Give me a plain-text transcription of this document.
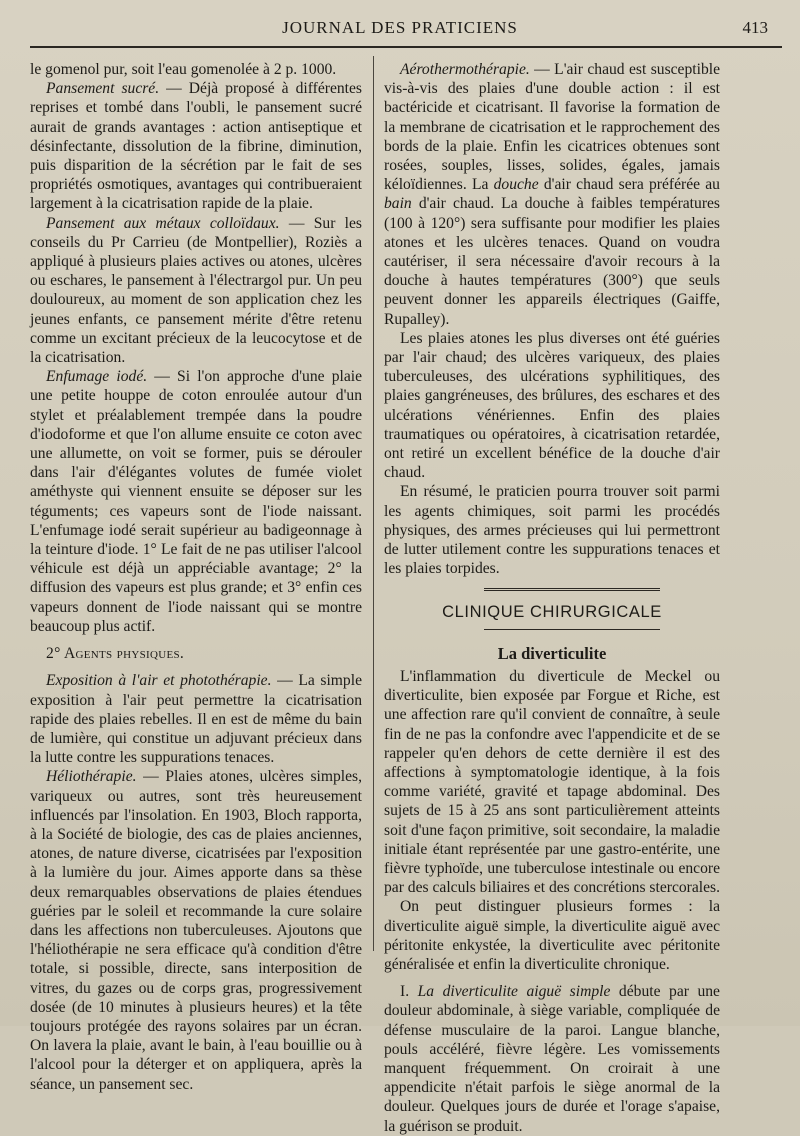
JOURNAL DES PRATICIENS	413

le gomenol pur, soit l'eau gomenolée à 2 p. 1000.

Pansement sucré. — Déjà proposé à différentes reprises et tombé dans l'oubli, le pansement sucré aurait de grands avantages : action antiseptique et désinfectante, dissolution de la fibrine, diminution, puis disparition de la sécrétion par le fait de ses propriétés osmotiques, avantages qui contribueraient largement à la cicatrisation rapide de la plaie.

Pansement aux métaux colloïdaux. — Sur les conseils du Pr Carrieu (de Montpellier), Roziès a appliqué à plusieurs plaies actives ou atones, ulcères ou eschares, le pansement à l'électrargol pur. Un peu douloureux, au moment de son application chez les jeunes enfants, ce pansement mérite d'être retenu comme un excitant précieux de la leucocytose et de la cicatrisation.

Enfumage iodé. — Si l'on approche d'une plaie une petite houppe de coton enroulée autour d'un stylet et préalablement trempée dans la poudre d'iodoforme et que l'on allume ensuite ce coton avec une allumette, on voit se former, puis se dérouler dans l'air d'élégantes volutes de fumée violet améthyste qui viennent ensuite se déposer sur les téguments; ces vapeurs sont de l'iode naissant. L'enfumage iodé serait supérieur au badigeonnage à la teinture d'iode. 1° Le fait de ne pas utiliser l'alcool véhicule est déjà un appréciable avantage; 2° la diffusion des vapeurs est plus grande; et 3° enfin ces vapeurs donnent de l'iode naissant qui se montre beaucoup plus actif.

2° Agents physiques.

Exposition à l'air et photothérapie. — La simple exposition à l'air peut permettre la cicatrisation rapide des plaies rebelles. Il en est de même du bain de lumière, qui constitue un adjuvant précieux dans la lutte contre les suppurations tenaces.

Héliothérapie. — Plaies atones, ulcères simples, variqueux ou autres, sont très heureusement influencés par l'insolation. En 1903, Bloch rapporta, à la Société de biologie, des cas de plaies anciennes, atones, de nature diverse, cicatrisées par l'exposition à la lumière du jour. Aimes apporte dans sa thèse deux remarquables observations de plaies étendues guéries par le soleil et recommande la cure solaire dans les affections non tuberculeuses. Ajoutons que l'héliothérapie ne sera efficace qu'à condition d'être totale, si possible, directe, sans interposition de vitres, du gazes ou de corps gras, progressivement dosée (de 10 minutes à plusieurs heures) et la tête toujours protégée des rayons solaires par un écran. On lavera la plaie, avant le bain, à l'eau bouillie ou à l'alcool pour la déterger et on appliquera, après la séance, un pansement sec.

Aérothermothérapie. — L'air chaud est susceptible vis-à-vis des plaies d'une double action : il est bactéricide et cicatrisant. Il favorise la formation de la membrane de cicatrisation et le rapprochement des bords de la plaie. Enfin les cicatrices obtenues sont rosées, souples, lisses, solides, égales, jamais kéloïdiennes. La douche d'air chaud sera préférée au bain d'air chaud. La douche à faibles températures (100 à 120°) sera suffisante pour modifier les plaies atones et les ulcères tenaces. Quand on voudra cautériser, il sera nécessaire d'avoir recours à la douche à hautes températures (300°) que seuls peuvent donner les appareils électriques (Gaiffe, Rupalley).

Les plaies atones les plus diverses ont été guéries par l'air chaud; des ulcères variqueux, des plaies tuberculeuses, des ulcérations syphilitiques, des plaies gangréneuses, des brûlures, des eschares et des ulcérations vénériennes. Enfin des plaies traumatiques ou opératoires, à cicatrisation retardée, ont retiré un excellent bénéfice de la douche d'air chaud.

En résumé, le praticien pourra trouver soit parmi les agents chimiques, soit parmi les procédés physiques, des armes précieuses qui lui permettront de lutter utilement contre les suppurations tenaces et les plaies torpides.

CLINIQUE CHIRURGICALE
La diverticulite

L'inflammation du diverticule de Meckel ou diverticulite, bien exposée par Forgue et Riche, est une affection rare qu'il convient de connaître, à seule fin de ne pas la confondre avec l'appendicite et de se rappeler qu'en dehors de cette dernière il est des affections à symptomatologie identique, à la fois comme variété, gravité et tapage abdominal. Des sujets de 15 à 25 ans sont particulièrement atteints soit d'une façon primitive, soit secondaire, la maladie initiale étant représentée par une gastro-entérite, une fièvre typhoïde, une tuberculose intestinale ou encore par des calculs biliaires et des concrétions stercorales.

On peut distinguer plusieurs formes : la diverticulite aiguë simple, la diverticulite aiguë avec péritonite enkystée, la diverticulite avec péritonite généralisée et enfin la diverticulite chronique.

I. La diverticulite aiguë simple débute par une douleur abdominale, à siège variable, compliquée de défense musculaire de la paroi. Langue blanche, pouls accéléré, fièvre légère. Les vomissements manquent fréquemment. On croirait à une appendicite n'était parfois le siège anormal de la douleur. Quelques jours de durée et l'orage s'apaise, la guérison se produit.
